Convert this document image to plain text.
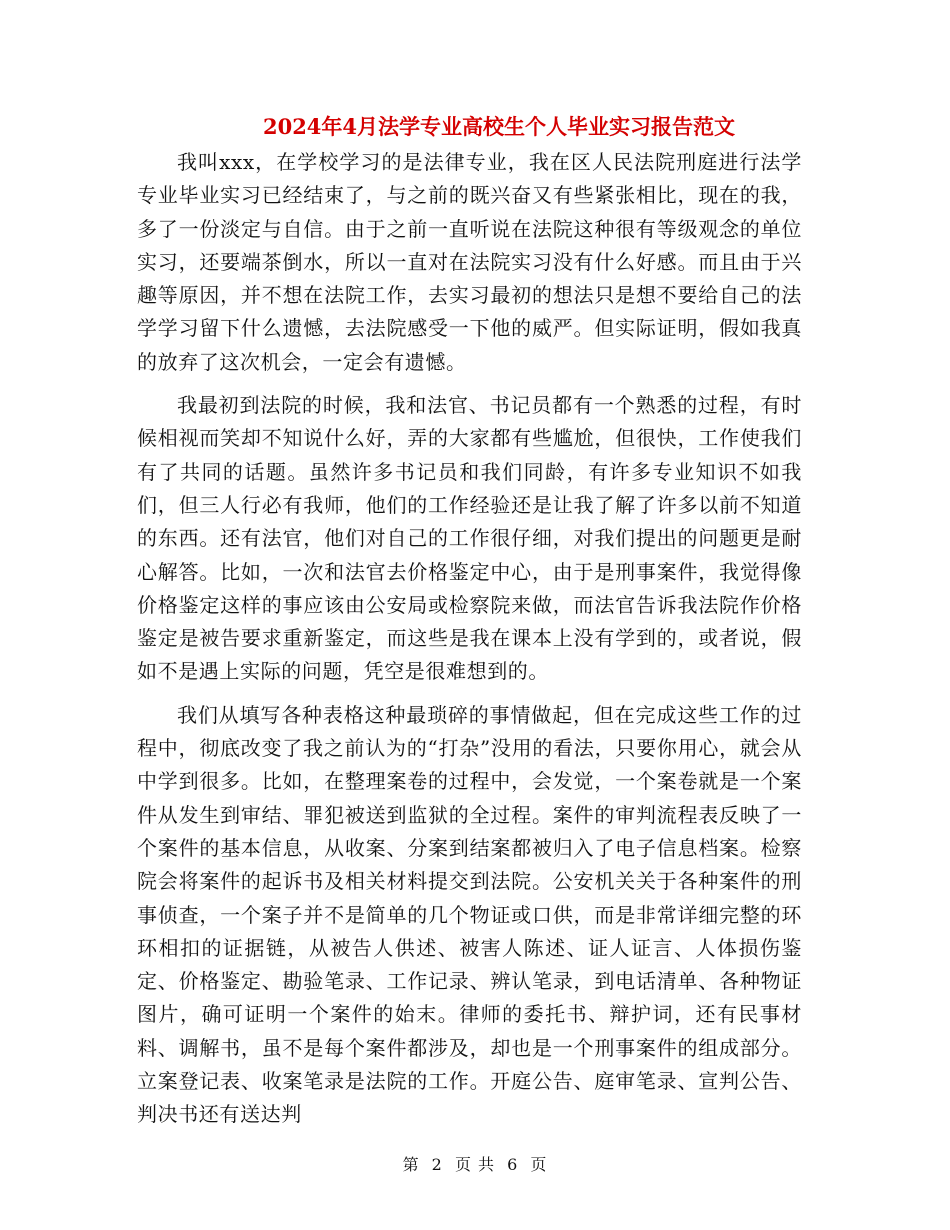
2024年4月法学专业高校生个人毕业实习报告范文

我叫xxx，在学校学习的是法律专业，我在区人民法院刑庭进行法学专业毕业实习已经结束了，与之前的既兴奋又有些紧张相比，现在的我，多了一份淡定与自信。由于之前一直听说在法院这种很有等级观念的单位实习，还要端茶倒水，所以一直对在法院实习没有什么好感。而且由于兴趣等原因，并不想在法院工作，去实习最初的想法只是想不要给自己的法学学习留下什么遗憾，去法院感受一下他的威严。但实际证明，假如我真的放弃了这次机会，一定会有遗憾。

我最初到法院的时候，我和法官、书记员都有一个熟悉的过程，有时候相视而笑却不知说什么好，弄的大家都有些尴尬，但很快，工作使我们有了共同的话题。虽然许多书记员和我们同龄，有许多专业知识不如我们，但三人行必有我师，他们的工作经验还是让我了解了许多以前不知道的东西。还有法官，他们对自己的工作很仔细，对我们提出的问题更是耐心解答。比如，一次和法官去价格鉴定中心，由于是刑事案件，我觉得像价格鉴定这样的事应该由公安局或检察院来做，而法官告诉我法院作价格鉴定是被告要求重新鉴定，而这些是我在课本上没有学到的，或者说，假如不是遇上实际的问题，凭空是很难想到的。

我们从填写各种表格这种最琐碎的事情做起，但在完成这些工作的过程中，彻底改变了我之前认为的“打杂”没用的看法，只要你用心，就会从中学到很多。比如，在整理案卷的过程中，会发觉，一个案卷就是一个案件从发生到审结、罪犯被送到监狱的全过程。案件的审判流程表反映了一个案件的基本信息，从收案、分案到结案都被归入了电子信息档案。检察院会将案件的起诉书及相关材料提交到法院。公安机关关于各种案件的刑事侦查，一个案子并不是简单的几个物证或口供，而是非常详细完整的环环相扣的证据链，从被告人供述、被害人陈述、证人证言、人体损伤鉴定、价格鉴定、勘验笔录、工作记录、辨认笔录，到电话清单、各种物证图片，确可证明一个案件的始末。律师的委托书、辩护词，还有民事材料、调解书，虽不是每个案件都涉及，却也是一个刑事案件的组成部分。立案登记表、收案笔录是法院的工作。开庭公告、庭审笔录、宣判公告、判决书还有送达判

第 2 页 共 6 页
